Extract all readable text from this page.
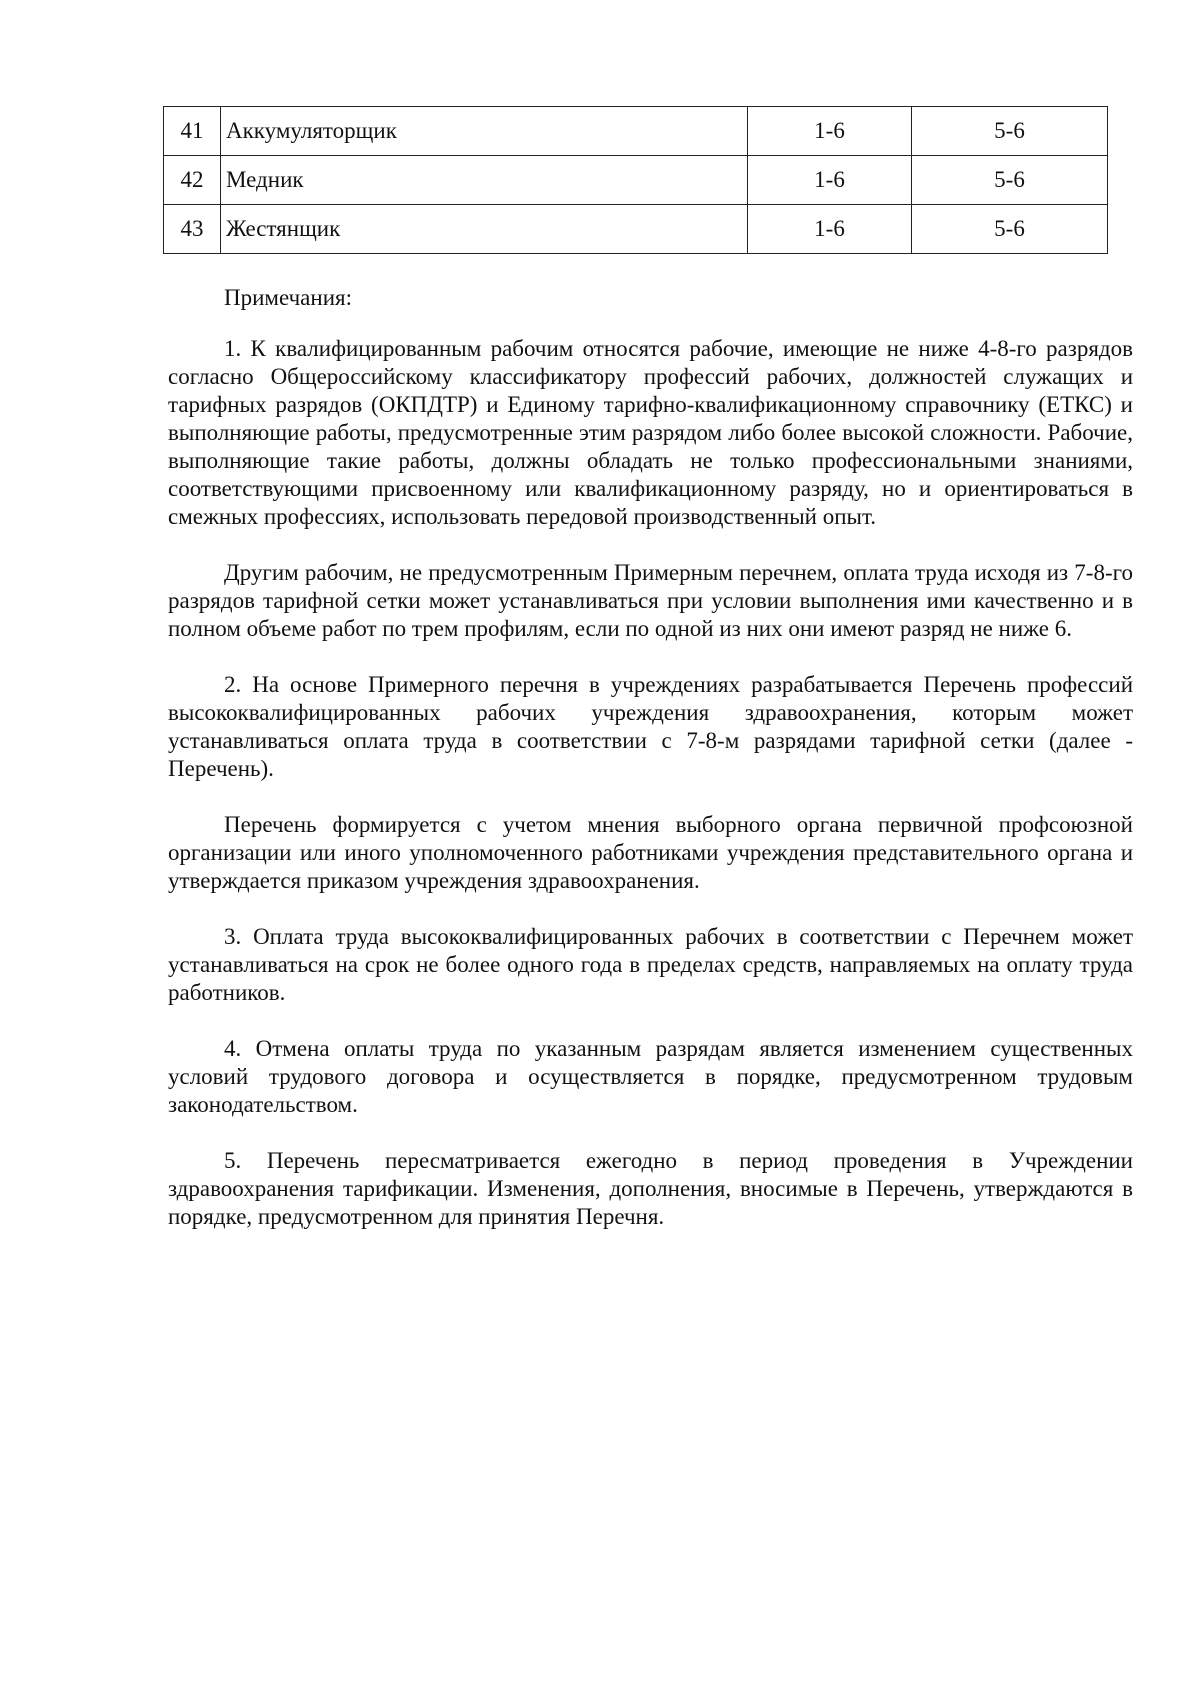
41	Аккумуляторщик	1-6	5-6
42	Медник	1-6	5-6
43	Жестянщик	1-6	5-6

Примечания:

1. К квалифицированным рабочим относятся рабочие, имеющие не ниже 4-8-го разрядов согласно Общероссийскому классификатору профессий рабочих, должностей служащих и тарифных разрядов (ОКПДТР) и Единому тарифно-квалификационному справочнику (ЕТКС) и выполняющие работы, предусмотренные этим разрядом либо более высокой сложности. Рабочие, выполняющие такие работы, должны обладать не только профессиональными знаниями, соответствующими присвоенному или квалификационному разряду, но и ориентироваться в смежных профессиях, использовать передовой производственный опыт.

Другим рабочим, не предусмотренным Примерным перечнем, оплата труда исходя из 7-8-го разрядов тарифной сетки может устанавливаться при условии выполнения ими качественно и в полном объеме работ по трем профилям, если по одной из них они имеют разряд не ниже 6.

2. На основе Примерного перечня в учреждениях разрабатывается Перечень профессий высококвалифицированных рабочих учреждения здравоохранения, которым может устанавливаться оплата труда в соответствии с 7-8-м разрядами тарифной сетки (далее - Перечень).

Перечень формируется с учетом мнения выборного органа первичной профсоюзной организации или иного уполномоченного работниками учреждения представительного органа и утверждается приказом учреждения здравоохранения.

3. Оплата труда высококвалифицированных рабочих в соответствии с Перечнем может устанавливаться на срок не более одного года в пределах средств, направляемых на оплату труда работников.

4. Отмена оплаты труда по указанным разрядам является изменением существенных условий трудового договора и осуществляется в порядке, предусмотренном трудовым законодательством.

5. Перечень пересматривается ежегодно в период проведения в Учреждении здравоохранения тарификации. Изменения, дополнения, вносимые в Перечень, утверждаются в порядке, предусмотренном для принятия Перечня.
